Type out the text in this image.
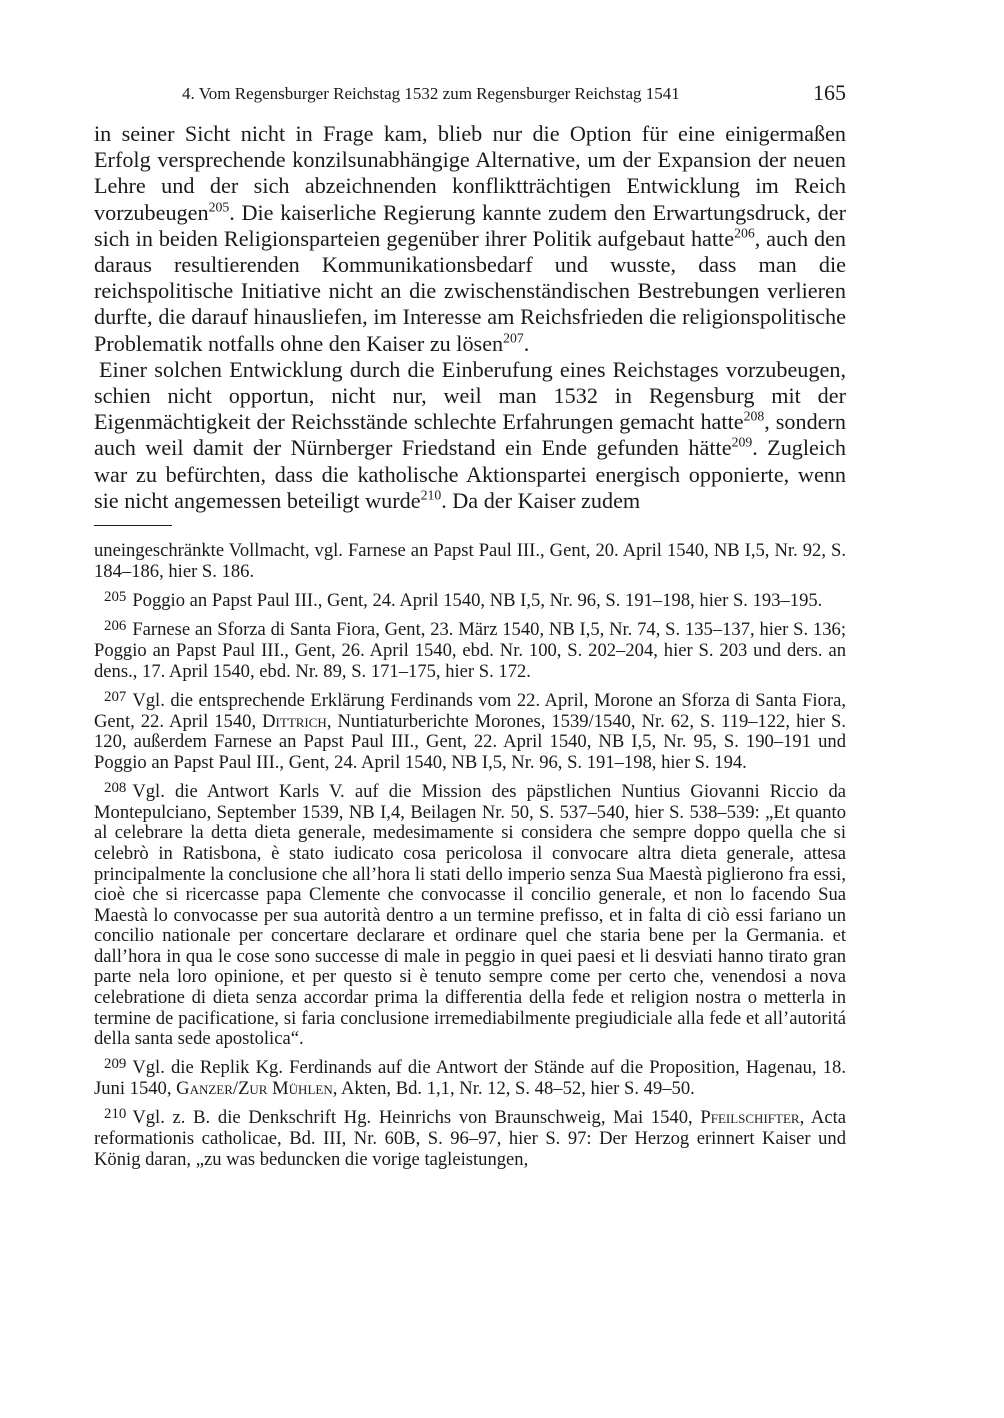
4. Vom Regensburger Reichstag 1532 zum Regensburger Reichstag 1541	165

in seiner Sicht nicht in Frage kam, blieb nur die Option für eine einigermaßen Erfolg versprechende konzilsunabhängige Alternative, um der Expansion der neuen Lehre und der sich abzeichnenden konfliktträchtigen Entwicklung im Reich vorzubeugen$^{205}$. Die kaiserliche Regierung kannte zudem den Erwartungsdruck, der sich in beiden Religionsparteien gegenüber ihrer Politik aufgebaut hatte$^{206}$, auch den daraus resultierenden Kommunikationsbedarf und wusste, dass man die reichspolitische Initiative nicht an die zwischenständischen Bestrebungen verlieren durfte, die darauf hinausliefen, im Interesse am Reichsfrieden die religionspolitische Problematik notfalls ohne den Kaiser zu lösen$^{207}$.

Einer solchen Entwicklung durch die Einberufung eines Reichstages vorzubeugen, schien nicht opportun, nicht nur, weil man 1532 in Regensburg mit der Eigenmächtigkeit der Reichsstände schlechte Erfahrungen gemacht hatte$^{208}$, sondern auch weil damit der Nürnberger Friedstand ein Ende gefunden hätte$^{209}$. Zugleich war zu befürchten, dass die katholische Aktionspartei energisch opponierte, wenn sie nicht angemessen beteiligt wurde$^{210}$. Da der Kaiser zudem

uneingeschränkte Vollmacht, vgl. Farnese an Papst Paul III., Gent, 20. April 1540, NB I,5, Nr. 92, S. 184–186, hier S. 186.

$^{205}$ Poggio an Papst Paul III., Gent, 24. April 1540, NB I,5, Nr. 96, S. 191–198, hier S. 193–195.

$^{206}$ Farnese an Sforza di Santa Fiora, Gent, 23. März 1540, NB I,5, Nr. 74, S. 135–137, hier S. 136; Poggio an Papst Paul III., Gent, 26. April 1540, ebd. Nr. 100, S. 202–204, hier S. 203 und ders. an dens., 17. April 1540, ebd. Nr. 89, S. 171–175, hier S. 172.

$^{207}$ Vgl. die entsprechende Erklärung Ferdinands vom 22. April, Morone an Sforza di Santa Fiora, Gent, 22. April 1540, Dittrich, Nuntiaturberichte Morones, 1539/1540, Nr. 62, S. 119–122, hier S. 120, außerdem Farnese an Papst Paul III., Gent, 22. April 1540, NB I,5, Nr. 95, S. 190–191 und Poggio an Papst Paul III., Gent, 24. April 1540, NB I,5, Nr. 96, S. 191–198, hier S. 194.

$^{208}$ Vgl. die Antwort Karls V. auf die Mission des päpstlichen Nuntius Giovanni Riccio da Montepulciano, September 1539, NB I,4, Beilagen Nr. 50, S. 537–540, hier S. 538–539: „Et quanto al celebrare la detta dieta generale, medesimamente si considera che sempre doppo quella che si celebrò in Ratisbona, è stato iudicato cosa pericolosa il convocare altra dieta generale, attesa principalmente la conclusione che all’hora li stati dello imperio senza Sua Maestà piglierono fra essi, cioè che si ricercasse papa Clemente che convocasse il concilio generale, et non lo facendo Sua Maestà lo convocasse per sua autorità dentro a un termine prefisso, et in falta di ciò essi fariano un concilio nationale per concertare declarare et ordinare quel che staria bene per la Germania. et dall’hora in qua le cose sono successe di male in peggio in quei paesi et li desviati hanno tirato gran parte nela loro opinione, et per questo si è tenuto sempre come per certo che, venendosi a nova celebratione di dieta senza accordar prima la differentia della fede et religion nostra o metterla in termine de pacificatione, si faria conclusione irremediabilmente pregiudiciale alla fede et all’autoritá della santa sede apostolica“.

$^{209}$ Vgl. die Replik Kg. Ferdinands auf die Antwort der Stände auf die Proposition, Hagenau, 18. Juni 1540, Ganzer/Zur Mühlen, Akten, Bd. 1,1, Nr. 12, S. 48–52, hier S. 49–50.

$^{210}$ Vgl. z. B. die Denkschrift Hg. Heinrichs von Braunschweig, Mai 1540, Pfeilschifter, Acta reformationis catholicae, Bd. III, Nr. 60B, S. 96–97, hier S. 97: Der Herzog erinnert Kaiser und König daran, „zu was beduncken die vorige tagleistungen,
